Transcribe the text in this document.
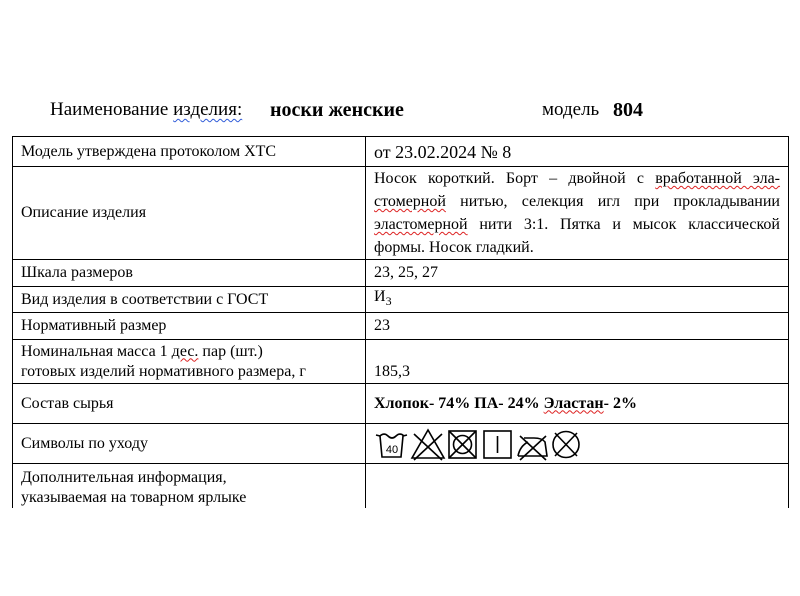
Наименование изделия: носки женские	модель 804
Модель утверждена протоколом ХТС	от 23.02.2024 № 8
Описание изделия	Носок короткий. Борт – двойной с вработанной эла-стомерной нитью, селекция игл при прокладывании эластомерной нити 3:1. Пятка и мысок классической формы. Носок гладкий.
Шкала размеров	23, 25, 27
Вид изделия в соответствии с ГОСТ	$И_3$
Нормативный размер	23
Номинальная масса 1 дес. пар (шт.)
готовых изделий нормативного размера, г	185,3
Состав сырья	Хлопок- 74% ПА- 24% Эластан- 2%
Символы по уходу	40

Дополнительная информация,
указываемая на товарном ярлыке	
